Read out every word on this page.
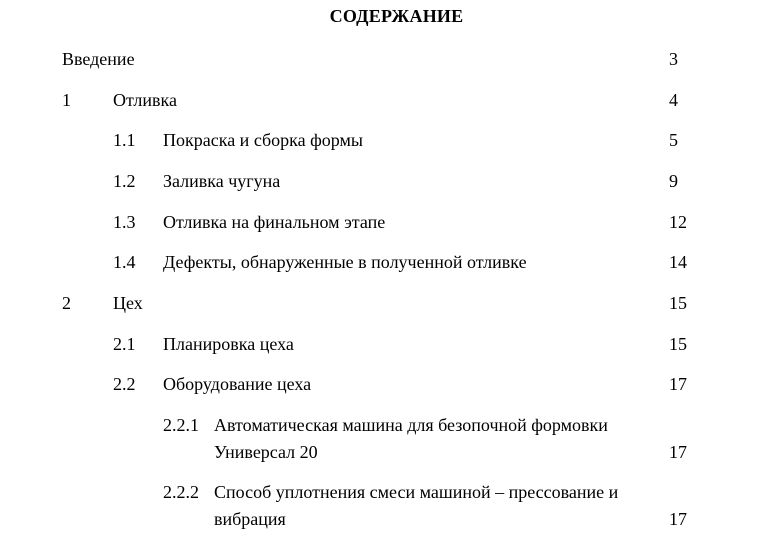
СОДЕРЖАНИЕ
Введение	3
1 Отливка	4
1.1 Покраска и сборка формы	5
1.2 Заливка чугуна	9
1.3 Отливка на финальном этапе	12
1.4 Дефекты, обнаруженные в полученной отливке	14
2 Цех	15
2.1 Планировка цеха	15
2.2 Оборудование цеха	17
2.2.1 Автоматическая машина для безопочной формовки
Универсал 20	17
2.2.2 Способ уплотнения смеси машиной – прессование и
вибрация	17
